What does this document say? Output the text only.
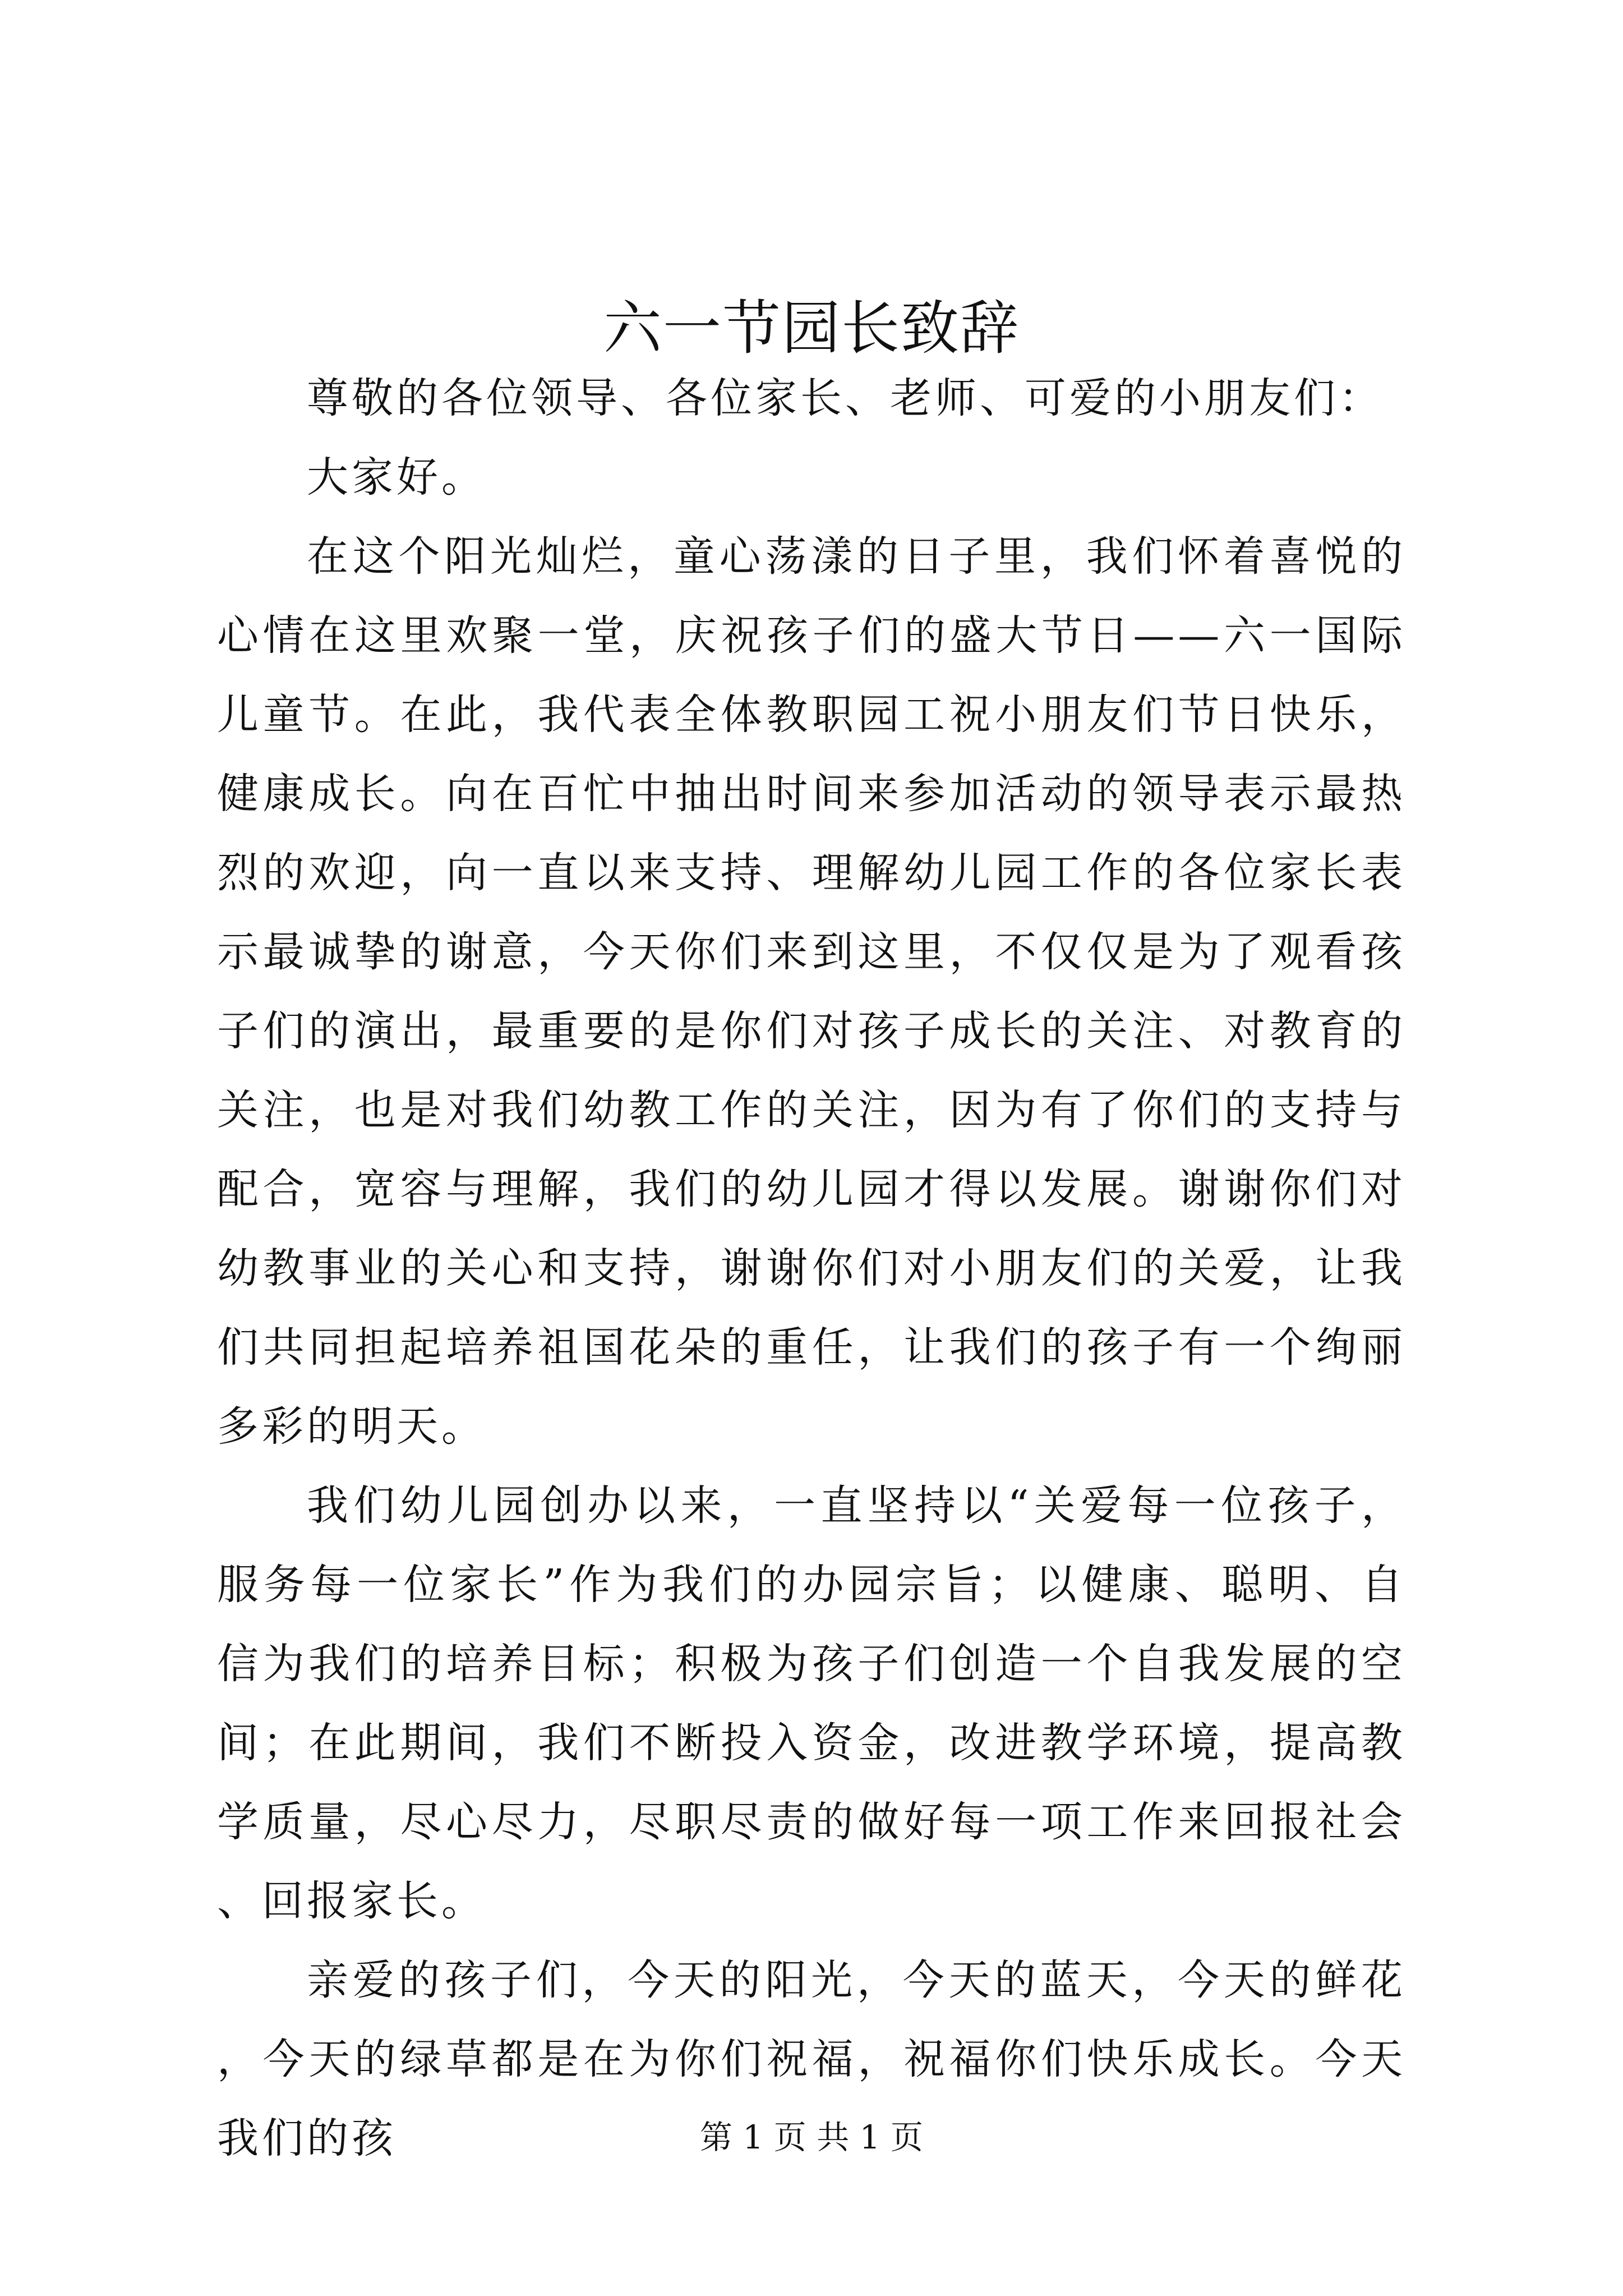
六一节园长致辞

尊敬的各位领导、各位家长、老师、可爱的小朋友们：

大家好。

在这个阳光灿烂，童心荡漾的日子里，我们怀着喜悦的心情在这里欢聚一堂，庆祝孩子们的盛大节日——六一国际儿童节。在此，我代表全体教职园工祝小朋友们节日快乐，健康成长。向在百忙中抽出时间来参加活动的领导表示最热烈的欢迎，向一直以来支持、理解幼儿园工作的各位家长表示最诚挚的谢意，今天你们来到这里，不仅仅是为了观看孩子们的演出，最重要的是你们对孩子成长的关注、对教育的关注，也是对我们幼教工作的关注，因为有了你们的支持与配合，宽容与理解，我们的幼儿园才得以发展。谢谢你们对幼教事业的关心和支持，谢谢你们对小朋友们的关爱，让我们共同担起培养祖国花朵的重任，让我们的孩子有一个绚丽多彩的明天。

我们幼儿园创办以来，一直坚持以“关爱每一位孩子，服务每一位家长”作为我们的办园宗旨；以健康、聪明、自信为我们的培养目标；积极为孩子们创造一个自我发展的空间；在此期间，我们不断投入资金，改进教学环境，提高教学质量，尽心尽力，尽职尽责的做好每一项工作来回报社会、回报家长。

亲爱的孩子们，今天的阳光，今天的蓝天，今天的鲜花，今天的绿草都是在为你们祝福，祝福你们快乐成长。今天我们的孩	第 1 页 共 1 页
